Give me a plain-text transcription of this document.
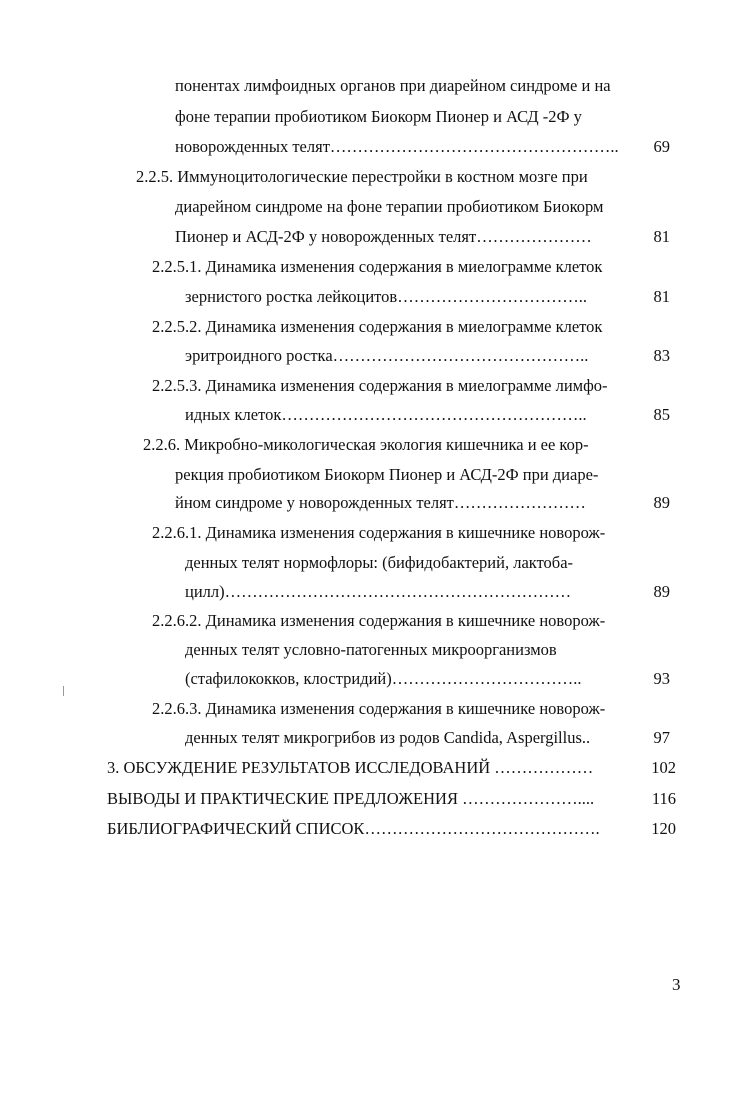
понентах лимфоидных органов при диарейном синдроме и на
фоне терапии пробиотиком Биокорм Пионер и АСД -2Ф у
новорожденных телят……………………………………………..	69
2.2.5. Иммуноцитологические перестройки в костном мозге при
диарейном синдроме на фоне терапии пробиотиком Биокорм
Пионер и АСД-2Ф у новорожденных телят…………………	81
2.2.5.1. Динамика изменения содержания в миелограмме клеток
зернистого ростка лейкоцитов……………………………..	81
2.2.5.2. Динамика изменения содержания в миелограмме клеток
эритроидного ростка………………………………………..	83
2.2.5.3. Динамика изменения содержания в миелограмме лимфо-
идных клеток………………………………………………..	85
2.2.6. Микробно-микологическая экология кишечника и ее кор-
рекция пробиотиком Биокорм Пионер и АСД-2Ф при диаре-
йном синдроме у новорожденных телят……………………	89
2.2.6.1. Динамика изменения содержания в кишечнике новорож-
денных телят нормофлоры: (бифидобактерий, лактоба-
цилл)………………………………………………………	89
2.2.6.2. Динамика изменения содержания в кишечнике новорож-
денных телят условно-патогенных микроорганизмов
(стафилококков, клостридий)……………………………..	93
2.2.6.3. Динамика изменения содержания в кишечнике новорож-
денных телят микрогрибов из родов Candida, Aspergillus..	97
3. ОБСУЖДЕНИЕ РЕЗУЛЬТАТОВ ИССЛЕДОВАНИЙ ………………	102
ВЫВОДЫ И ПРАКТИЧЕСКИЕ ПРЕДЛОЖЕНИЯ …………………....	116
БИБЛИОГРАФИЧЕСКИЙ СПИСОК…………………………………….	120
3
